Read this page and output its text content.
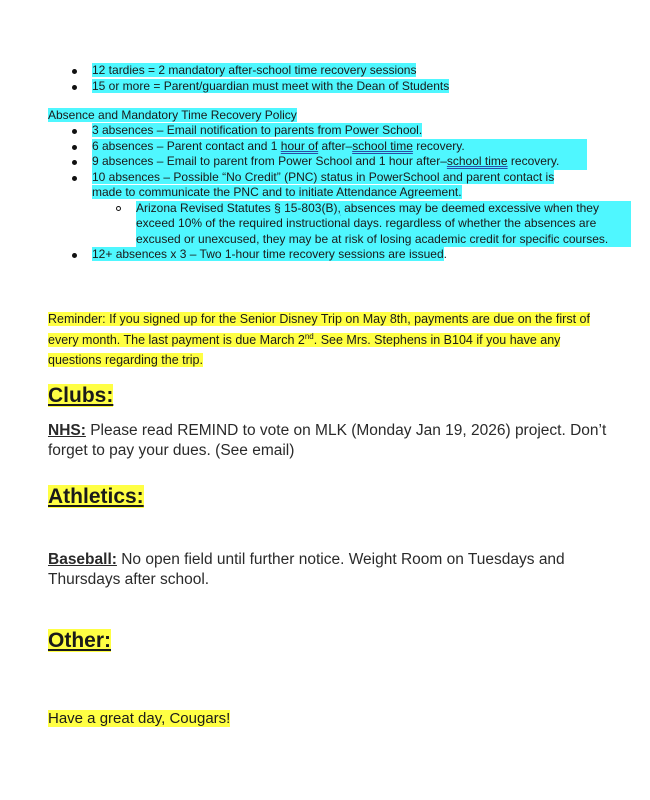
12 tardies = 2 mandatory after-school time recovery sessions
15 or more = Parent/guardian must meet with the Dean of Students
Absence and Mandatory Time Recovery Policy
3 absences – Email notification to parents from Power School.
6 absences – Parent contact and 1 hour of after–school time recovery.
9 absences – Email to parent from Power School and 1 hour after–school time recovery.
10 absences – Possible “No Credit” (PNC) status in PowerSchool and parent contact is made to communicate the PNC and to initiate Attendance Agreement.
Arizona Revised Statutes § 15-803(B), absences may be deemed excessive when they exceed 10% of the required instructional days. regardless of whether the absences are excused or unexcused, they may be at risk of losing academic credit for specific courses.
12+ absences x 3 – Two 1-hour time recovery sessions are issued.
Reminder: If you signed up for the Senior Disney Trip on May 8th, payments are due on the first of every month. The last payment is due March 2nd. See Mrs. Stephens in B104 if you have any questions regarding the trip.
Clubs:
NHS: Please read REMIND to vote on MLK (Monday Jan 19, 2026) project. Don’t forget to pay your dues. (See email)
Athletics:
Baseball: No open field until further notice. Weight Room on Tuesdays and Thursdays after school.
Other:
Have a great day, Cougars!
